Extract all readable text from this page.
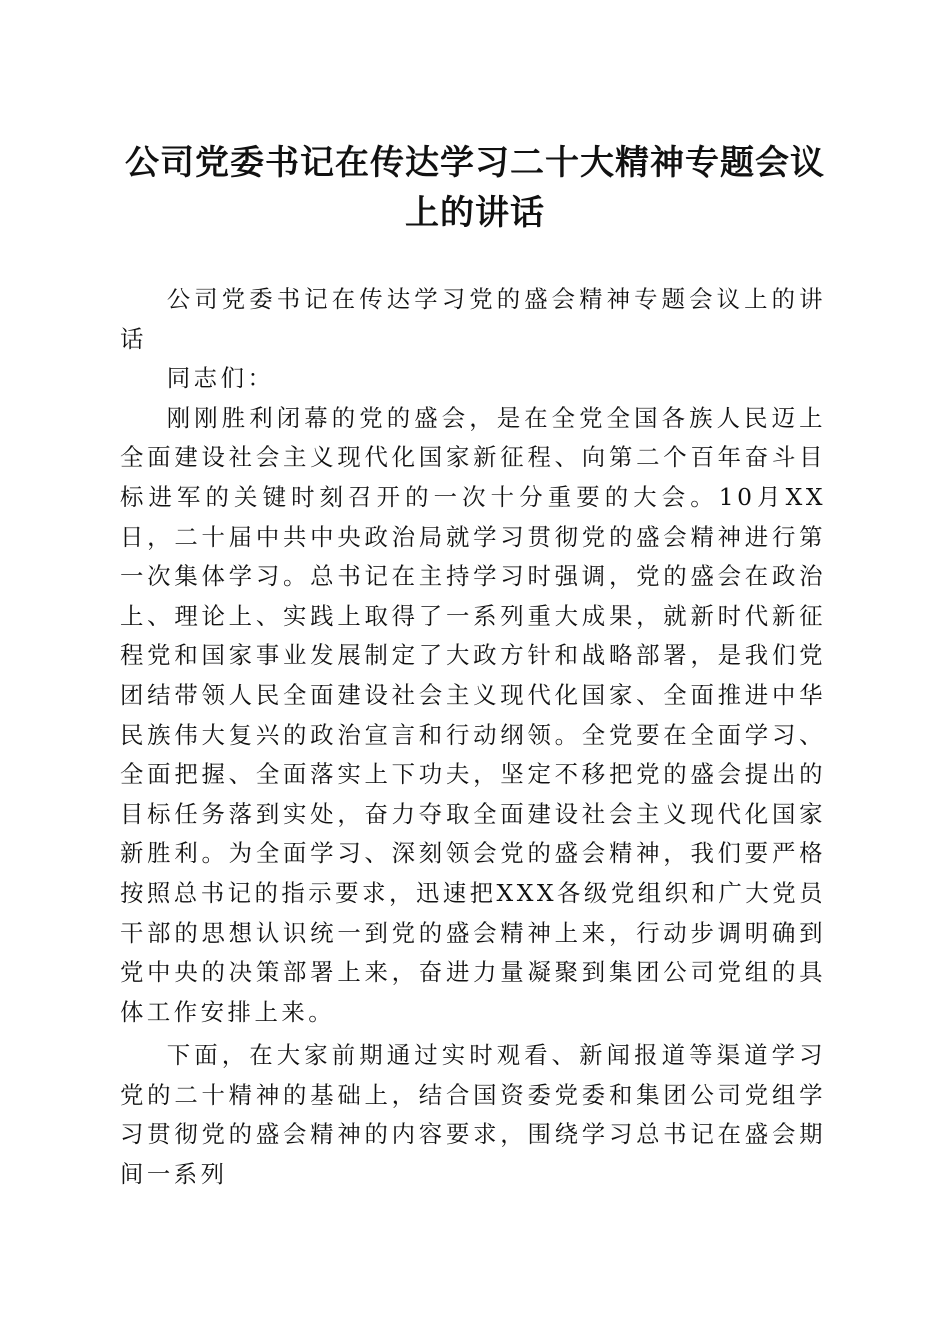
公司党委书记在传达学习二十大精神专题会议上的讲话

公司党委书记在传达学习党的盛会精神专题会议上的讲话

同志们：

刚刚胜利闭幕的党的盛会，是在全党全国各族人民迈上全面建设社会主义现代化国家新征程、向第二个百年奋斗目标进军的关键时刻召开的一次十分重要的大会。10月XX日，二十届中共中央政治局就学习贯彻党的盛会精神进行第一次集体学习。总书记在主持学习时强调，党的盛会在政治上、理论上、实践上取得了一系列重大成果，就新时代新征程党和国家事业发展制定了大政方针和战略部署，是我们党团结带领人民全面建设社会主义现代化国家、全面推进中华民族伟大复兴的政治宣言和行动纲领。全党要在全面学习、全面把握、全面落实上下功夫，坚定不移把党的盛会提出的目标任务落到实处，奋力夺取全面建设社会主义现代化国家新胜利。为全面学习、深刻领会党的盛会精神，我们要严格按照总书记的指示要求，迅速把XXX各级党组织和广大党员干部的思想认识统一到党的盛会精神上来，行动步调明确到党中央的决策部署上来，奋进力量凝聚到集团公司党组的具体工作安排上来。

下面，在大家前期通过实时观看、新闻报道等渠道学习党的二十精神的基础上，结合国资委党委和集团公司党组学习贯彻党的盛会精神的内容要求，围绕学习总书记在盛会期间一系列
